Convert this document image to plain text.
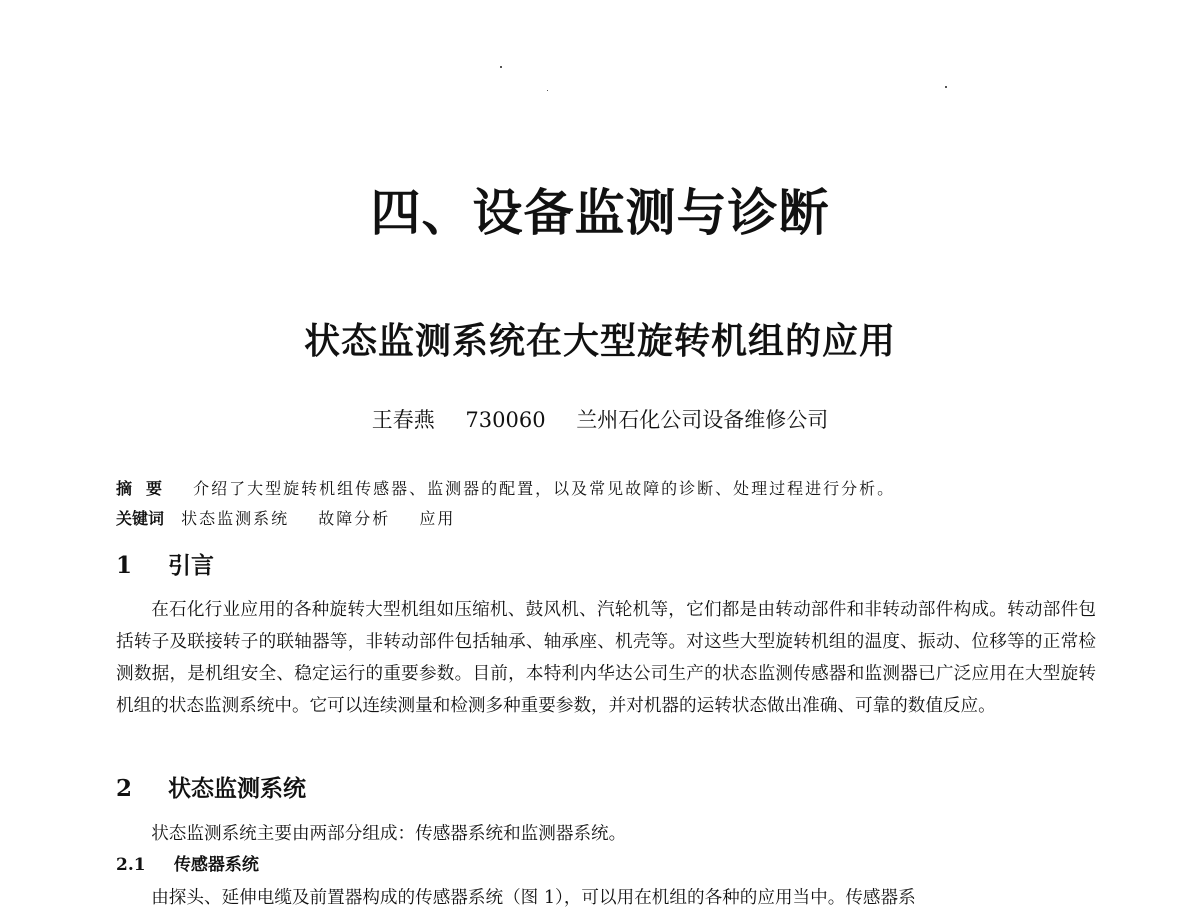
四、设备监测与诊断
状态监测系统在大型旋转机组的应用
王春燕 730060 兰州石化公司设备维修公司
摘要 介绍了大型旋转机组传感器、监测器的配置，以及常见故障的诊断、处理过程进行分析。
关键词 状态监测系统 故障分析 应用
1 引言

在石化行业应用的各种旋转大型机组如压缩机、鼓风机、汽轮机等，它们都是由转动部件和非转动部件构成。转动部件包括转子及联接转子的联轴器等，非转动部件包括轴承、轴承座、机壳等。对这些大型旋转机组的温度、振动、位移等的正常检测数据，是机组安全、稳定运行的重要参数。目前，本特利内华达公司生产的状态监测传感器和监测器已广泛应用在大型旋转机组的状态监测系统中。它可以连续测量和检测多种重要参数，并对机器的运转状态做出准确、可靠的数值反应。

2 状态监测系统

状态监测系统主要由两部分组成：传感器系统和监测器系统。

2.1 传感器系统

由探头、延伸电缆及前置器构成的传感器系统（图 1），可以用在机组的各种的应用当中。传感器系
